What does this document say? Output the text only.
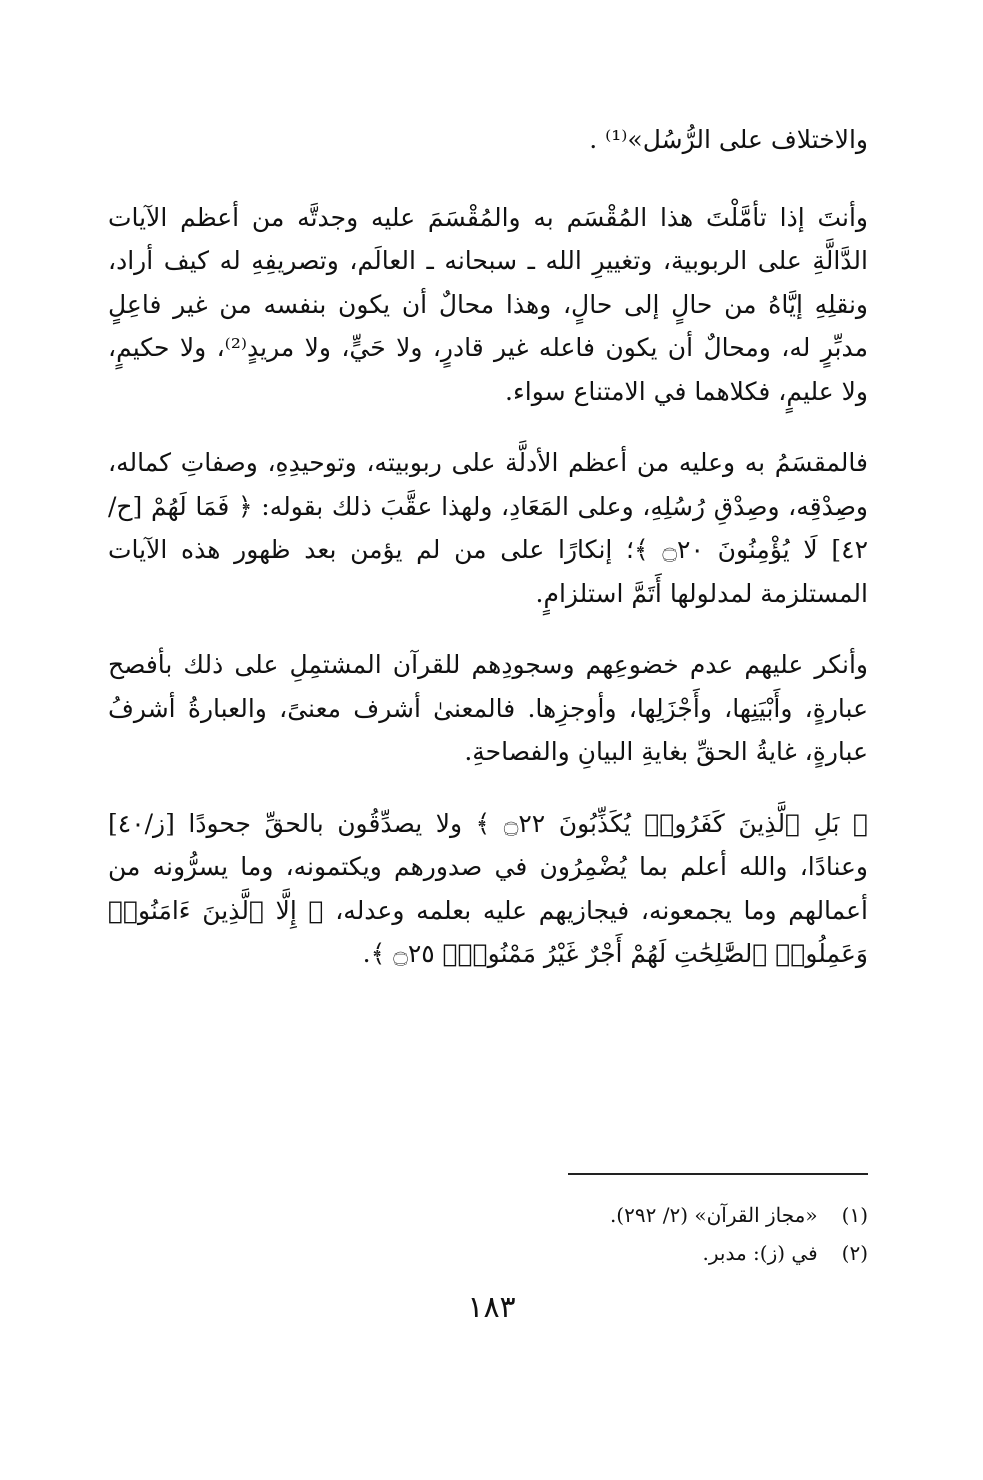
والاختلاف على الرُّسُل»⁽¹⁾ .

وأنتَ إذا تأمَّلْتَ هذا المُقْسَم به والمُقْسَمَ عليه وجدتَّه من أعظم الآيات الدَّالَّةِ على الربوبية، وتغييرِ الله ـ سبحانه ـ العالَم، وتصريفِهِ له كيف أراد، ونقلِهِ إيَّاهُ من حالٍ إلى حالٍ، وهذا محالٌ أن يكون بنفسه من غير فاعِلٍ مدبِّرٍ له، ومحالٌ أن يكون فاعله غير قادرٍ، ولا حَيٍّ، ولا مريدٍ⁽²⁾، ولا حكيمٍ، ولا عليمٍ، فكلاهما في الامتناع سواء.

فالمقسَمُ به وعليه من أعظم الأدلَّة على ربوبيته، وتوحيدِهِ، وصفاتِ كماله، وصِدْقِه، وصِدْقِ رُسُلِهِ، وعلى المَعَادِ، ولهذا عقَّبَ ذلك بقوله: ﴿ فَمَا لَهُمْ [ح/٤٢] لَا يُؤْمِنُونَ ۝٢٠ ﴾؛ إنكارًا على من لم يؤمن بعد ظهور هذه الآيات المستلزمة لمدلولها أَتَمَّ استلزامٍ.

وأنكر عليهم عدم خضوعِهم وسجودِهم للقرآن المشتمِلِ على ذلك بأفصح عبارةٍ، وأَبْيَنِها، وأَجْزَلِها، وأوجزِها. فالمعنىٰ أشرف معنىً، والعبارةُ أشرفُ عبارةٍ، غايةُ الحقِّ بغايةِ البيانِ والفصاحةِ.

﴿ بَلِ ٱلَّذِينَ كَفَرُوا۟ يُكَذِّبُونَ ۝٢٢ ﴾ ولا يصدِّقُون بالحقِّ جحودًا [ز/٤٠] وعنادًا، والله أعلم بما يُضْمِرُون في صدورهم ويكتمونه، وما يسرُّونه من أعمالهم وما يجمعونه، فيجازيهم عليه بعلمه وعدله، ﴿ إِلَّا ٱلَّذِينَ ءَامَنُوا۟ وَعَمِلُوا۟ ٱلصَّٰلِحَٰتِ لَهُمْ أَجْرٌ غَيْرُ مَمْنُونٍۭ ۝٢٥ ﴾.

(١) «مجاز القرآن» (٢/ ٢٩٢).
(٢) في (ز): مدبر.
١٨٣
